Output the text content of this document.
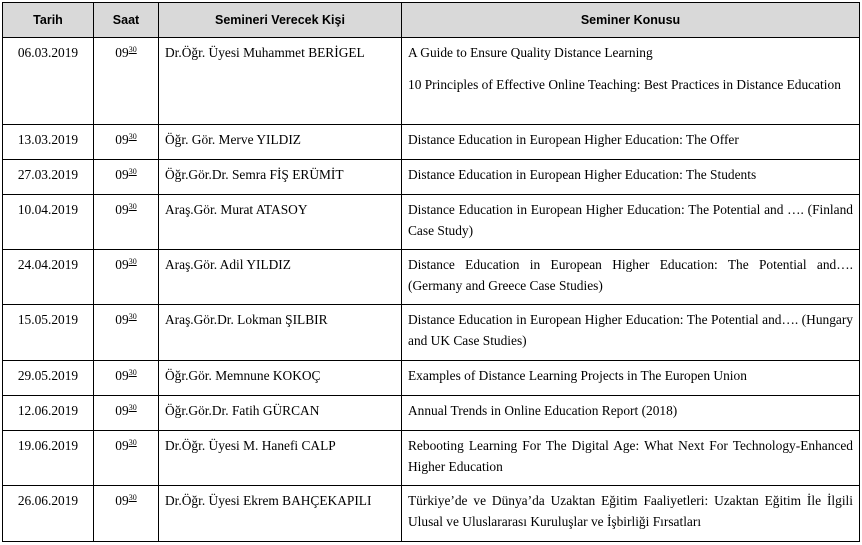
Tarih	Saat	Semineri Verecek Kişi	Seminer Konusu
06.03.2019	$09^{30}$	Dr.Öğr. Üyesi Muhammet BERİGEL	A Guide to Ensure Quality Distance Learning

10 Principles of Effective Online Teaching: Best Practices in Distance Education

13.03.2019	$09^{30}$	Öğr. Gör. Merve YILDIZ	Distance Education in European Higher Education: The Offer

27.03.2019	$09^{30}$	Öğr.Gör.Dr. Semra FİŞ ERÜMİT	Distance Education in European Higher Education: The Students

10.04.2019	$09^{30}$	Araş.Gör. Murat ATASOY	Distance Education in European Higher Education: The Potential and …. (Finland Case Study)

24.04.2019	$09^{30}$	Araş.Gör. Adil YILDIZ	Distance Education in European Higher Education: The Potential and…. (Germany and Greece Case Studies)

15.05.2019	$09^{30}$	Araş.Gör.Dr. Lokman ŞILBIR	Distance Education in European Higher Education: The Potential and…. (Hungary and UK Case Studies)

29.05.2019	$09^{30}$	Öğr.Gör. Memnune KOKOÇ	Examples of Distance Learning Projects in The Europen Union

12.06.2019	$09^{30}$	Öğr.Gör.Dr. Fatih GÜRCAN	Annual Trends in Online Education Report (2018)

19.06.2019	$09^{30}$	Dr.Öğr. Üyesi M. Hanefi CALP	Rebooting Learning For The Digital Age: What Next For Technology-Enhanced Higher Education

26.06.2019	$09^{30}$	Dr.Öğr. Üyesi Ekrem BAHÇEKAPILI	Türkiye’de ve Dünya’da Uzaktan Eğitim Faaliyetleri: Uzaktan Eğitim İle İlgili Ulusal ve Uluslararası Kuruluşlar ve İşbirliği Fırsatları
